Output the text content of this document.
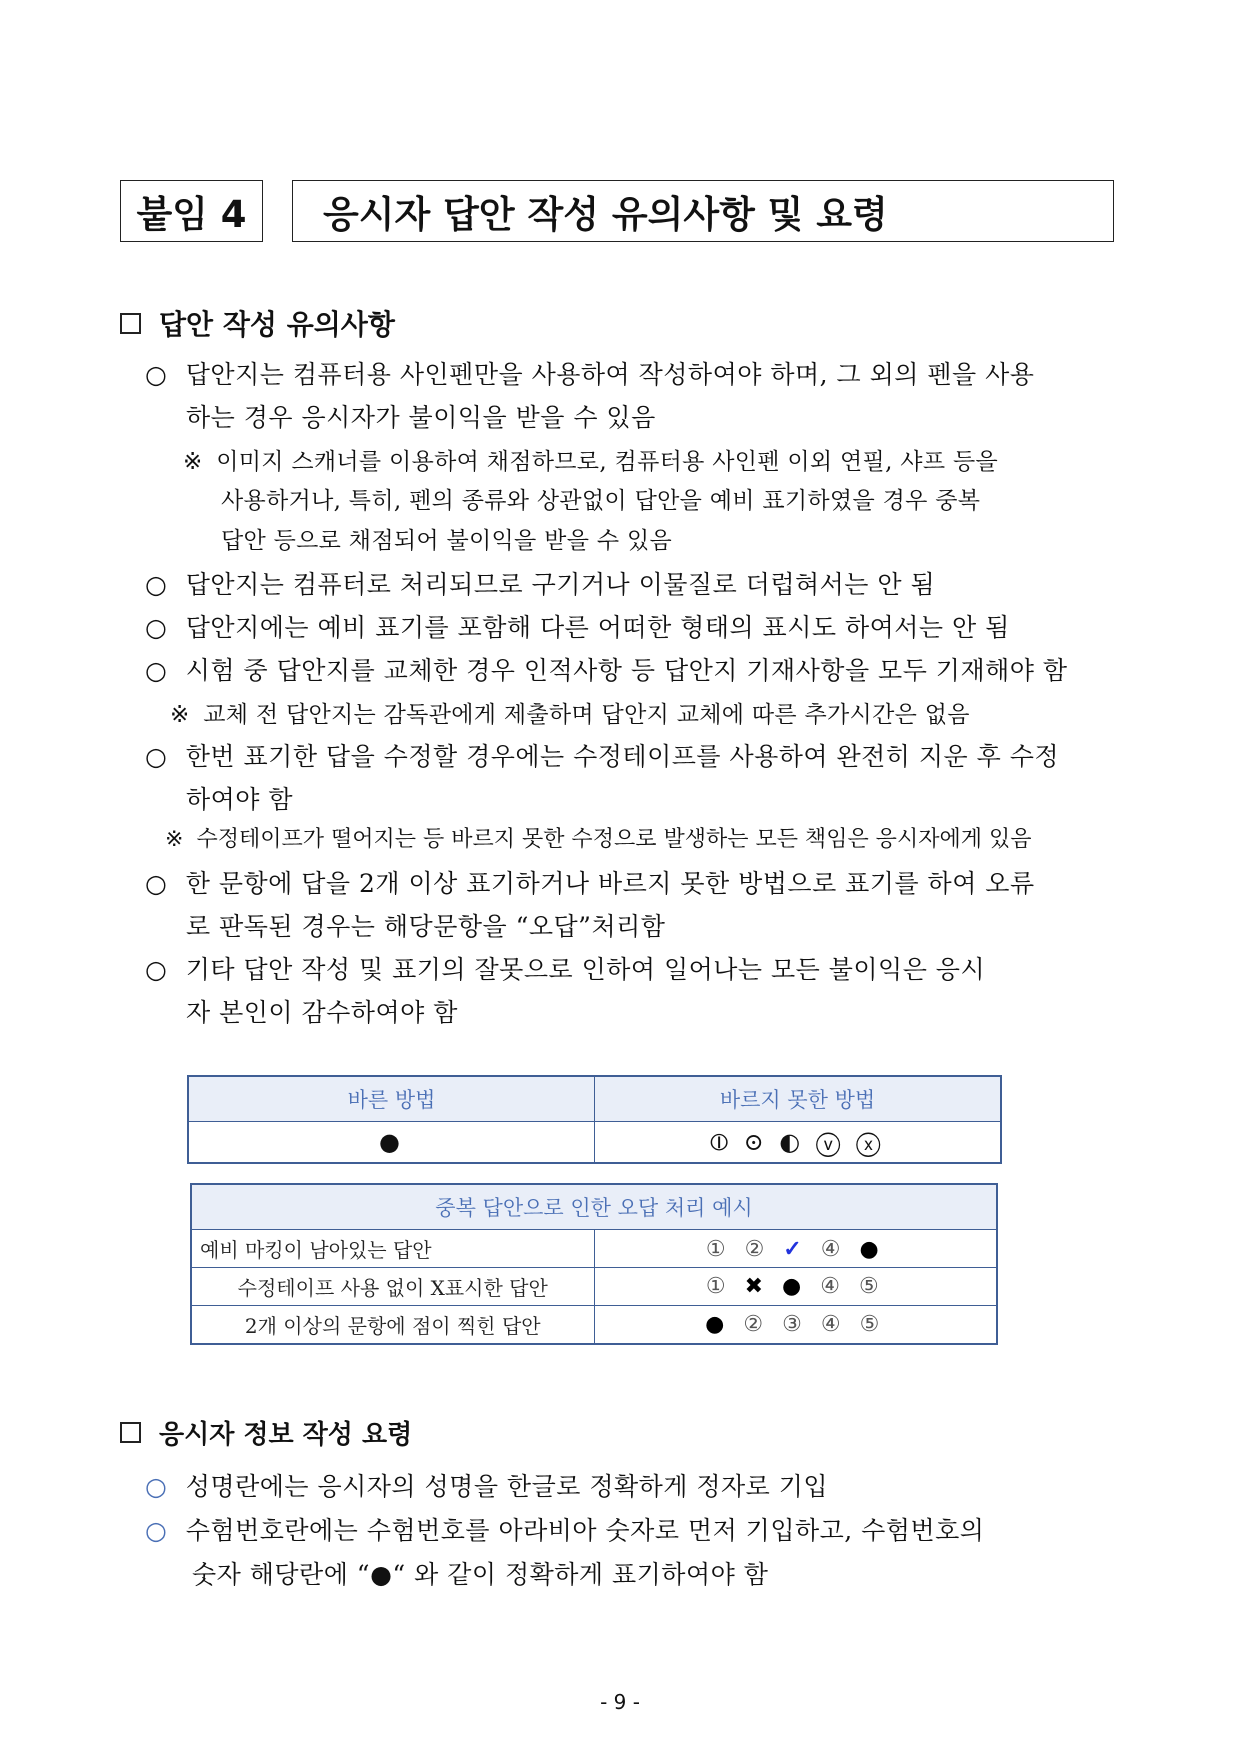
붙임 4 응시자 답안 작성 유의사항 및 요령
답안 작성 유의사항
○ 답안지는 컴퓨터용 사인펜만을 사용하여 작성하여야 하며, 그 외의 펜을 사용
하는 경우 응시자가 불이익을 받을 수 있음
※ 이미지 스캐너를 이용하여 채점하므로, 컴퓨터용 사인펜 이외 연필, 샤프 등을
사용하거나, 특히, 펜의 종류와 상관없이 답안을 예비 표기하였을 경우 중복
답안 등으로 채점되어 불이익을 받을 수 있음
○ 답안지는 컴퓨터로 처리되므로 구기거나 이물질로 더럽혀서는 안 됨
○ 답안지에는 예비 표기를 포함해 다른 어떠한 형태의 표시도 하여서는 안 됨
○ 시험 중 답안지를 교체한 경우 인적사항 등 답안지 기재사항을 모두 기재해야 함
※ 교체 전 답안지는 감독관에게 제출하며 답안지 교체에 따른 추가시간은 없음
○ 한번 표기한 답을 수정할 경우에는 수정테이프를 사용하여 완전히 지운 후 수정
하여야 함
※ 수정테이프가 떨어지는 등 바르지 못한 수정으로 발생하는 모든 책임은 응시자에게 있음
○ 한 문항에 답을 2개 이상 표기하거나 바르지 못한 방법으로 표기를 하여 오류
로 판독된 경우는 해당문항을 “오답”처리함
○ 기타 답안 작성 및 표기의 잘못으로 인하여 일어나는 모든 불이익은 응시
자 본인이 감수하여야 함
바른 방법	바르지 못한 방법
●	⦶ ⊙ ◐ ⓥ ⓧ
중복 답안으로 인한 오답 처리 예시	
예비 마킹이 남아있는 답안	① ② ✓ ④ ●
수정테이프 사용 없이 X표시한 답안	① ✖ ● ④ ⑤
2개 이상의 문항에 점이 찍힌 답안	● ② ③ ④ ⑤
응시자 정보 작성 요령
○ 성명란에는 응시자의 성명을 한글로 정확하게 정자로 기입
○ 수험번호란에는 수험번호를 아라비아 숫자로 먼저 기입하고, 수험번호의
숫자 해당란에 “●“ 와 같이 정확하게 표기하여야 함
- 9 -
